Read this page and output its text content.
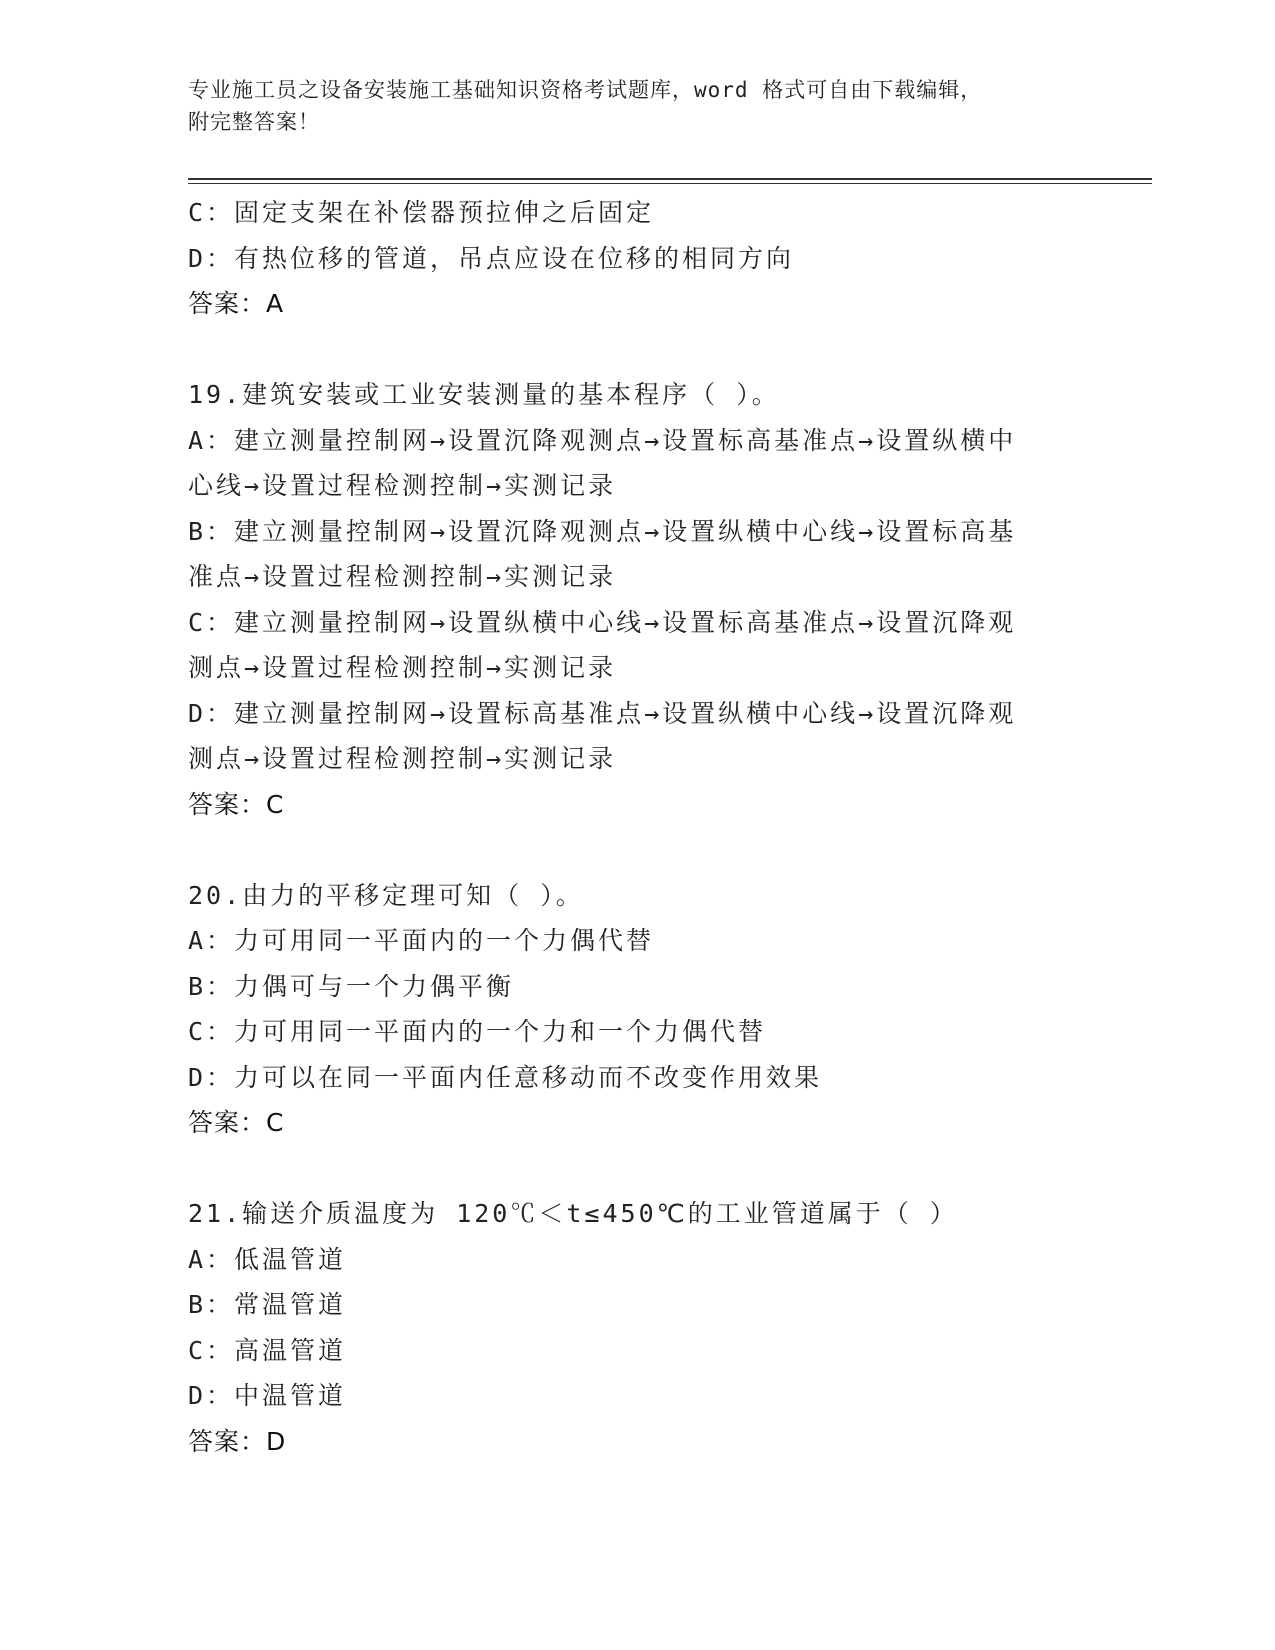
专业施工员之设备安装施工基础知识资格考试题库，word 格式可自由下载编辑，
附完整答案！
C：固定支架在补偿器预拉伸之后固定
D：有热位移的管道，吊点应设在位移的相同方向
答案：A
19.建筑安装或工业安装测量的基本程序（ ）。
A：建立测量控制网→设置沉降观测点→设置标高基准点→设置纵横中
心线→设置过程检测控制→实测记录
B：建立测量控制网→设置沉降观测点→设置纵横中心线→设置标高基
准点→设置过程检测控制→实测记录
C：建立测量控制网→设置纵横中心线→设置标高基准点→设置沉降观
测点→设置过程检测控制→实测记录
D：建立测量控制网→设置标高基准点→设置纵横中心线→设置沉降观
测点→设置过程检测控制→实测记录
答案：C
20.由力的平移定理可知（ ）。
A：力可用同一平面内的一个力偶代替
B：力偶可与一个力偶平衡
C：力可用同一平面内的一个力和一个力偶代替
D：力可以在同一平面内任意移动而不改变作用效果
答案：C
21.输送介质温度为 120℃＜t≤450℃的工业管道属于（ ）
A：低温管道
B：常温管道
C：高温管道
D：中温管道
答案：D
